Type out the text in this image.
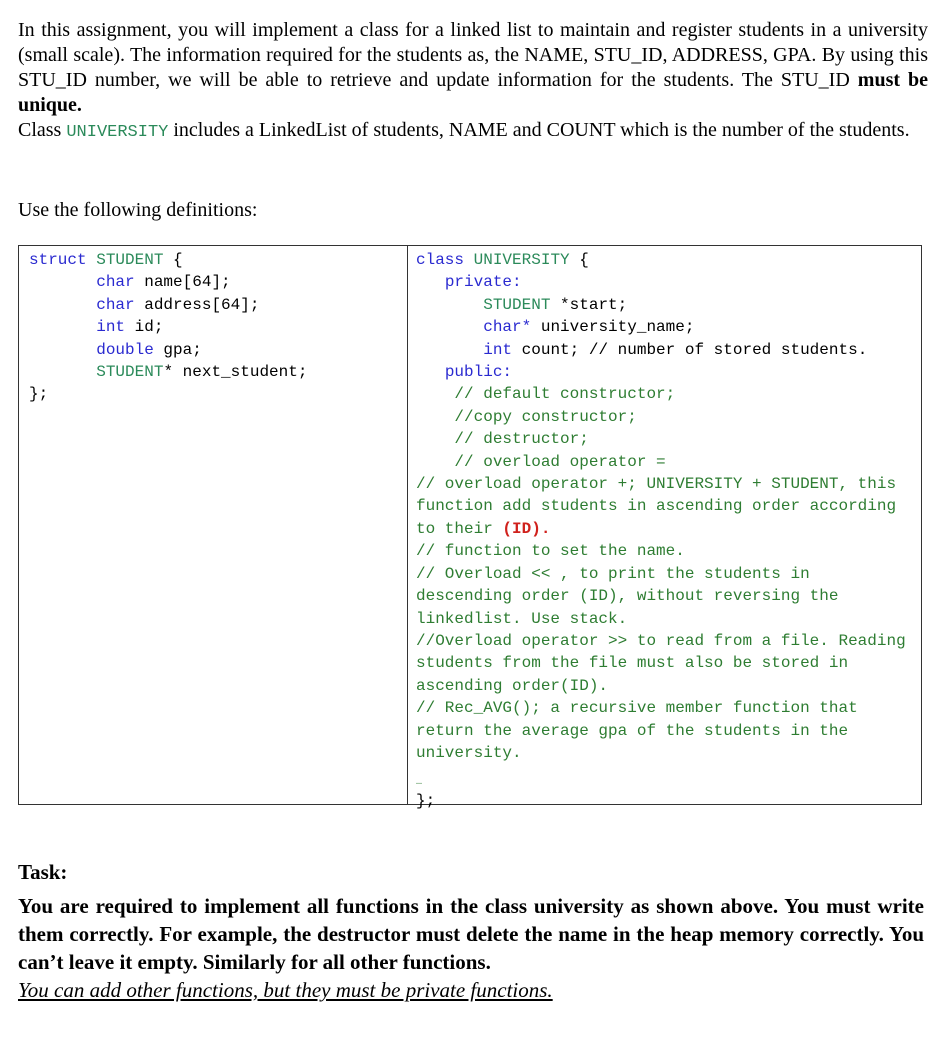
In this assignment, you will implement a class for a linked list to maintain and register students in a university (small scale). The information required for the students as, the NAME, STU_ID, ADDRESS, GPA. By using this STU_ID number, we will be able to retrieve and update information for the students. The STU_ID must be unique.

Class UNIVERSITY includes a LinkedList of students, NAME and COUNT which is the number of the students.

Use the following definitions:

struct STUDENT {
char name[64];
char address[64];
int id;
double gpa;
STUDENT* next_student;
};
class UNIVERSITY {
private:
STUDENT *start;
char* university_name;
int count; // number of stored students.
public:
// default constructor;
//copy constructor;
// destructor;
// overload operator =

// overload operator +; UNIVERSITY + STUDENT, this function add students in ascending order according to their (ID).

// function to set the name.

// Overload << , to print the students in descending order (ID), without reversing the linkedlist. Use stack.

//Overload operator >> to read from a file. Reading students from the file must also be stored in ascending order(ID).

// Rec_AVG(); a recursive member function that return the average gpa of the students in the university.

…
};

Task:

You are required to implement all functions in the class university as shown above. You must write them correctly. For example, the destructor must delete the name in the heap memory correctly. You can’t leave it empty. Similarly for all other functions.

You can add other functions, but they must be private functions.
